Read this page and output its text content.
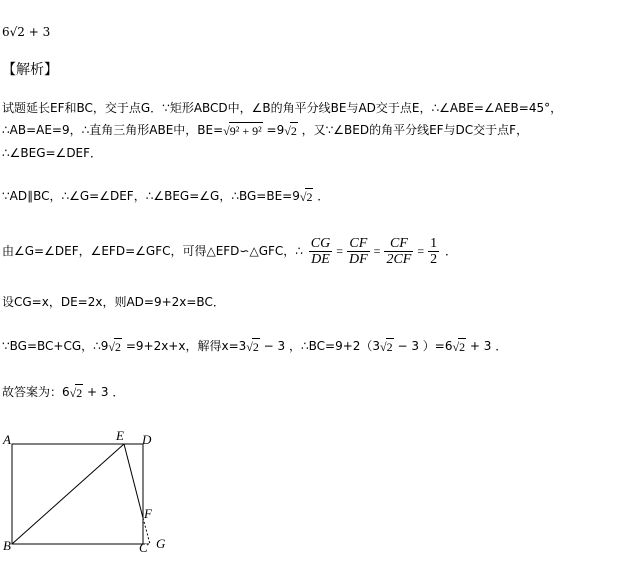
6√2 + 3
【解析】
试题延长EF和BC，交于点G．∵矩形ABCD中，∠B的角平分线BE与AD交于点E，∴∠ABE=∠AEB=45°，
∴AB=AE=9，∴直角三角形ABE中，BE=√9² + 9² =9√2 ，又∵∠BED的角平分线EF与DC交于点F，
∴∠BEG=∠DEF．
∵AD∥BC，∴∠G=∠DEF，∴∠BEG=∠G，∴BG=BE=9√2 ．
由∠G=∠DEF，∠EFD=∠GFC，可得△EFD∽△GFC，∴ $\frac{CG}{DE} = \frac{CF}{DF} = \frac{CF}{2CF} = \frac{1}{2}$ ．
设CG=x，DE=2x，则AD=9+2x=BC．
∵BG=BC+CG，∴9√2 =9+2x+x，解得x=3√2 − 3 ，∴BC=9+2（3√2 − 3 ）=6√2 + 3 ．
故答案为：6√2 + 3 ．
A	E D
F
B	C G
